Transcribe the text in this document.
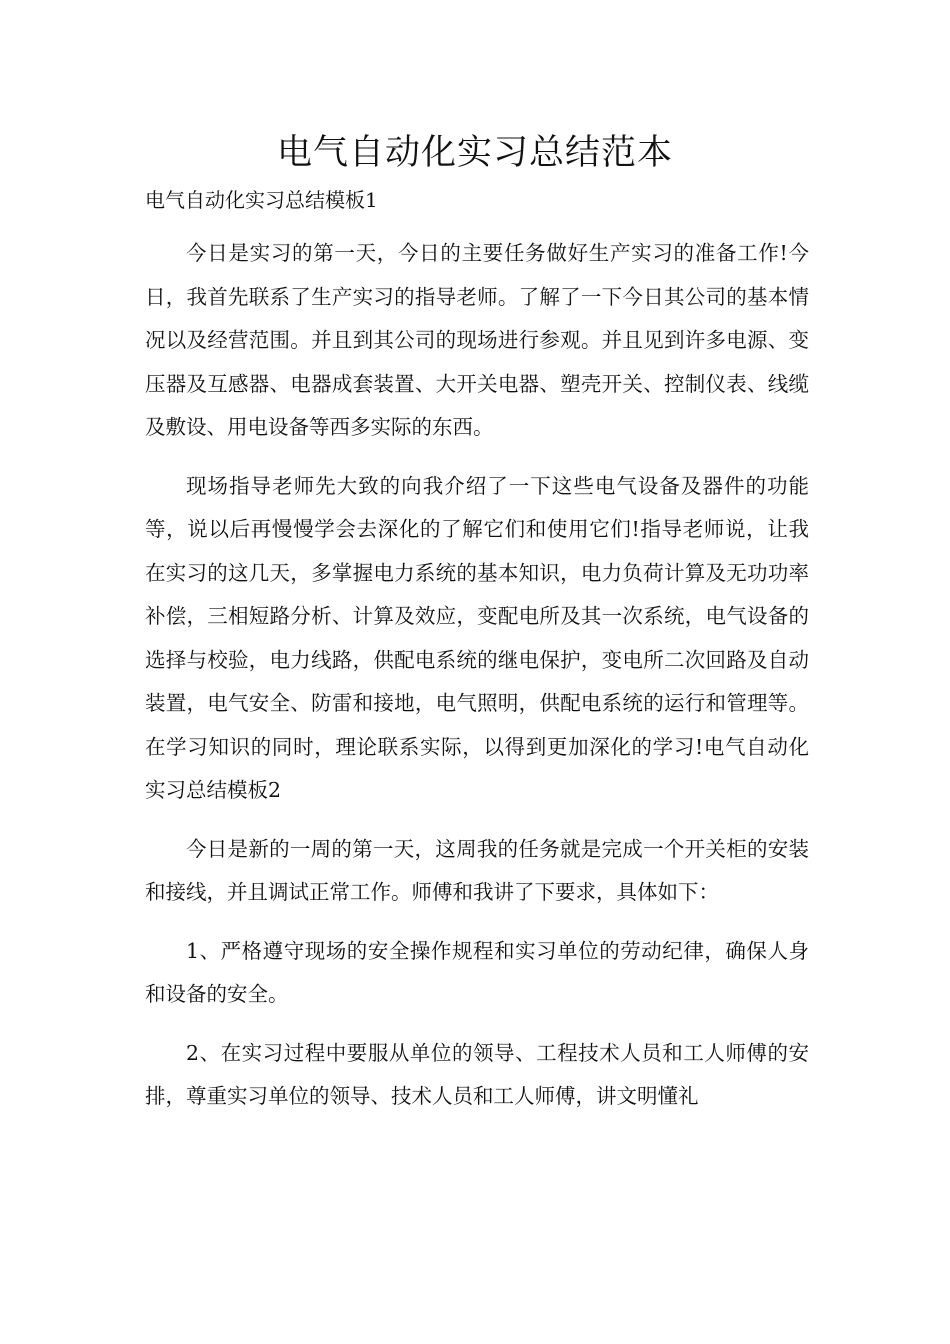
电气自动化实习总结范本

电气自动化实习总结模板1

今日是实习的第一天，今日的主要任务做好生产实习的准备工作!今日，我首先联系了生产实习的指导老师。了解了一下今日其公司的基本情况以及经营范围。并且到其公司的现场进行参观。并且见到许多电源、变压器及互感器、电器成套装置、大开关电器、塑壳开关、控制仪表、线缆及敷设、用电设备等西多实际的东西。

现场指导老师先大致的向我介绍了一下这些电气设备及器件的功能等，说以后再慢慢学会去深化的了解它们和使用它们!指导老师说，让我在实习的这几天，多掌握电力系统的基本知识，电力负荷计算及无功功率补偿，三相短路分析、计算及效应，变配电所及其一次系统，电气设备的选择与校验，电力线路，供配电系统的继电保护，变电所二次回路及自动装置，电气安全、防雷和接地，电气照明，供配电系统的运行和管理等。在学习知识的同时，理论联系实际，以得到更加深化的学习!电气自动化实习总结模板2

今日是新的一周的第一天，这周我的任务就是完成一个开关柜的安装和接线，并且调试正常工作。师傅和我讲了下要求，具体如下：

1、严格遵守现场的安全操作规程和实习单位的劳动纪律，确保人身和设备的安全。

2、在实习过程中要服从单位的领导、工程技术人员和工人师傅的安排，尊重实习单位的领导、技术人员和工人师傅，讲文明懂礼
